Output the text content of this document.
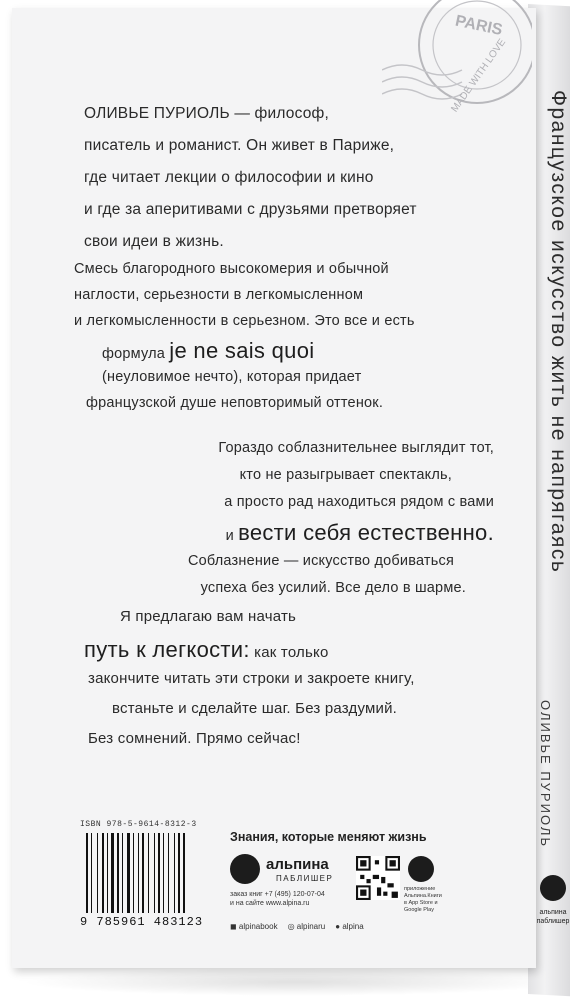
PARIS
MADE WITH LOVE
ОЛИВЬЕ ПУРИОЛЬ — философ,
писатель и романист. Он живет в Париже,
где читает лекции о философии и кино
и где за аперитивами с друзьями претворяет
свои идеи в жизнь.
Смесь благородного высокомерия и обычной
наглости, серьезности в легкомысленном
и легкомысленности в серьезном. Это все и есть
формула je ne sais quoi
(неуловимое нечто), которая придает
французской душе неповторимый оттенок.
Гораздо соблазнительнее выглядит тот,
кто не разыгрывает спектакль,
а просто рад находиться рядом с вами
и вести себя естественно.
Соблазнение — искусство добиваться
успеха без усилий. Все дело в шарме.
Я предлагаю вам начать
путь к легкости: как только
закончите читать эти строки и закроете книгу,
встаньте и сделайте шаг. Без раздумий.
Без сомнений. Прямо сейчас!
Французское искусство жить не напрягаясь
ОЛИВЬЕ ПУРИОЛЬ
альпина
паблишер
ISBN 978-5-9614-8312-3
9 785961 483123
Знания, которые меняют жизнь
альпина
ПАБЛИШЕР
заказ книг +7 (495) 120-07-04
и на сайте www.alpina.ru
◼ alpinabook ◎ alpinaru ● alpina
приложение Альпина.Книги в App Store и Google Play
